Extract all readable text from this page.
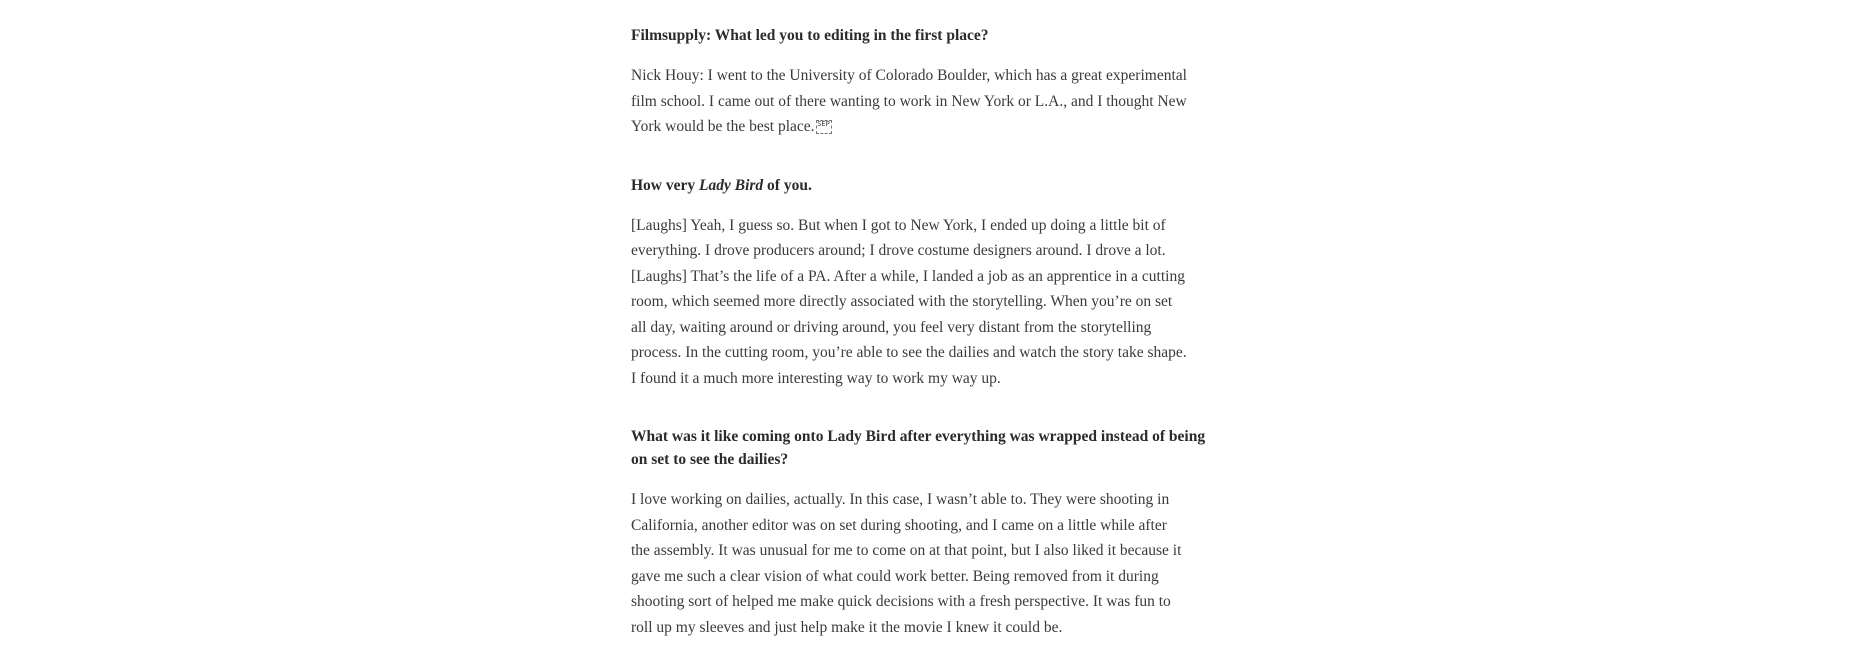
Filmsupply: What led you to editing in the first place?

Nick Houy: I went to the University of Colorado Boulder, which has a great experimental
film school. I came out of there wanting to work in New York or L.A., and I thought New
York would be the best place. SEP

How very Lady Bird of you.

[Laughs] Yeah, I guess so. But when I got to New York, I ended up doing a little bit of
everything. I drove producers around; I drove costume designers around. I drove a lot.
[Laughs] That’s the life of a PA. After a while, I landed a job as an apprentice in a cutting
room, which seemed more directly associated with the storytelling. When you’re on set
all day, waiting around or driving around, you feel very distant from the storytelling
process. In the cutting room, you’re able to see the dailies and watch the story take shape.
I found it a much more interesting way to work my way up.

What was it like coming onto Lady Bird after everything was wrapped instead of being
on set to see the dailies?

I love working on dailies, actually. In this case, I wasn’t able to. They were shooting in
California, another editor was on set during shooting, and I came on a little while after
the assembly. It was unusual for me to come on at that point, but I also liked it because it
gave me such a clear vision of what could work better. Being removed from it during
shooting sort of helped me make quick decisions with a fresh perspective. It was fun to
roll up my sleeves and just help make it the movie I knew it could be.
